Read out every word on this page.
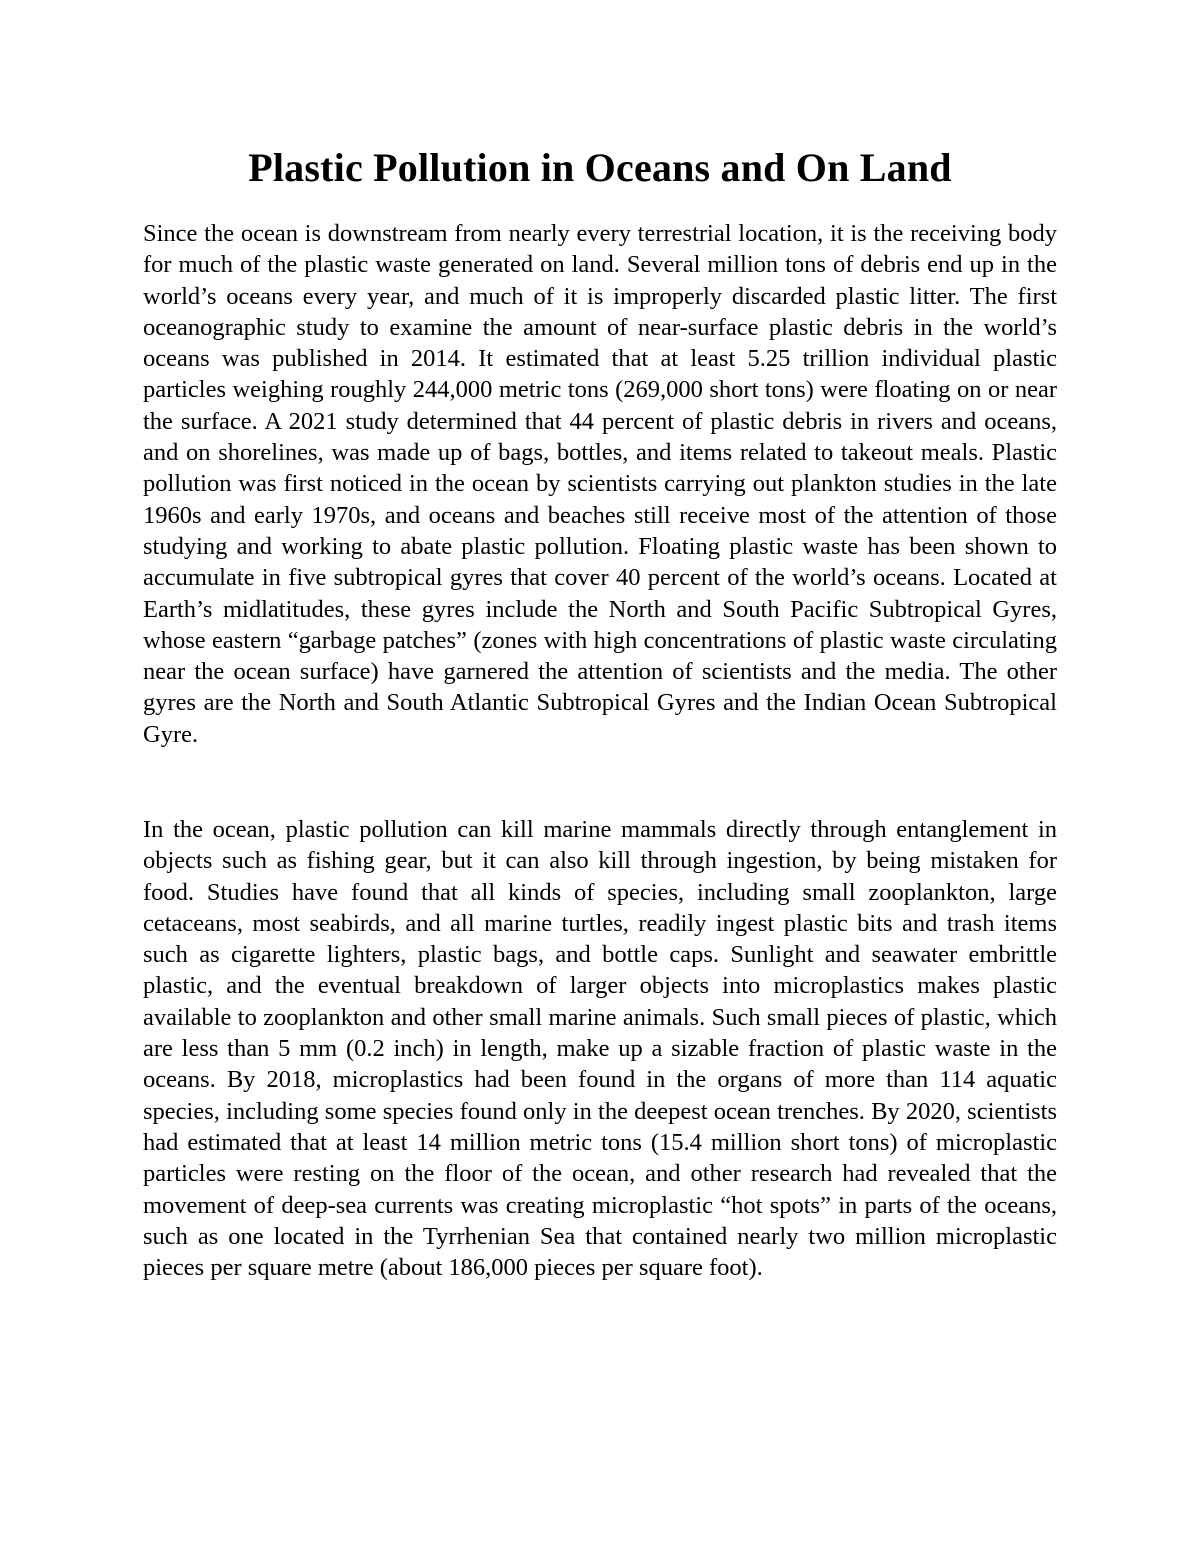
Plastic Pollution in Oceans and On Land

Since the ocean is downstream from nearly every terrestrial location, it is the receiving body for much of the plastic waste generated on land. Several million tons of debris end up in the world’s oceans every year, and much of it is improperly discarded plastic litter. The first oceanographic study to examine the amount of near-surface plastic debris in the world’s oceans was published in 2014. It estimated that at least 5.25 trillion individual plastic particles weighing roughly 244,000 metric tons (269,000 short tons) were floating on or near the surface. A 2021 study determined that 44 percent of plastic debris in rivers and oceans, and on shorelines, was made up of bags, bottles, and items related to takeout meals. Plastic pollution was first noticed in the ocean by scientists carrying out plankton studies in the late 1960s and early 1970s, and oceans and beaches still receive most of the attention of those studying and working to abate plastic pollution. Floating plastic waste has been shown to accumulate in five subtropical gyres that cover 40 percent of the world’s oceans. Located at Earth’s midlatitudes, these gyres include the North and South Pacific Subtropical Gyres, whose eastern “garbage patches” (zones with high concentrations of plastic waste circulating near the ocean surface) have garnered the attention of scientists and the media. The other gyres are the North and South Atlantic Subtropical Gyres and the Indian Ocean Subtropical Gyre.

In the ocean, plastic pollution can kill marine mammals directly through entanglement in objects such as fishing gear, but it can also kill through ingestion, by being mistaken for food. Studies have found that all kinds of species, including small zooplankton, large cetaceans, most seabirds, and all marine turtles, readily ingest plastic bits and trash items such as cigarette lighters, plastic bags, and bottle caps. Sunlight and seawater embrittle plastic, and the eventual breakdown of larger objects into microplastics makes plastic available to zooplankton and other small marine animals. Such small pieces of plastic, which are less than 5 mm (0.2 inch) in length, make up a sizable fraction of plastic waste in the oceans. By 2018, microplastics had been found in the organs of more than 114 aquatic species, including some species found only in the deepest ocean trenches. By 2020, scientists had estimated that at least 14 million metric tons (15.4 million short tons) of microplastic particles were resting on the floor of the ocean, and other research had revealed that the movement of deep-sea currents was creating microplastic “hot spots” in parts of the oceans, such as one located in the Tyrrhenian Sea that contained nearly two million microplastic pieces per square metre (about 186,000 pieces per square foot).
